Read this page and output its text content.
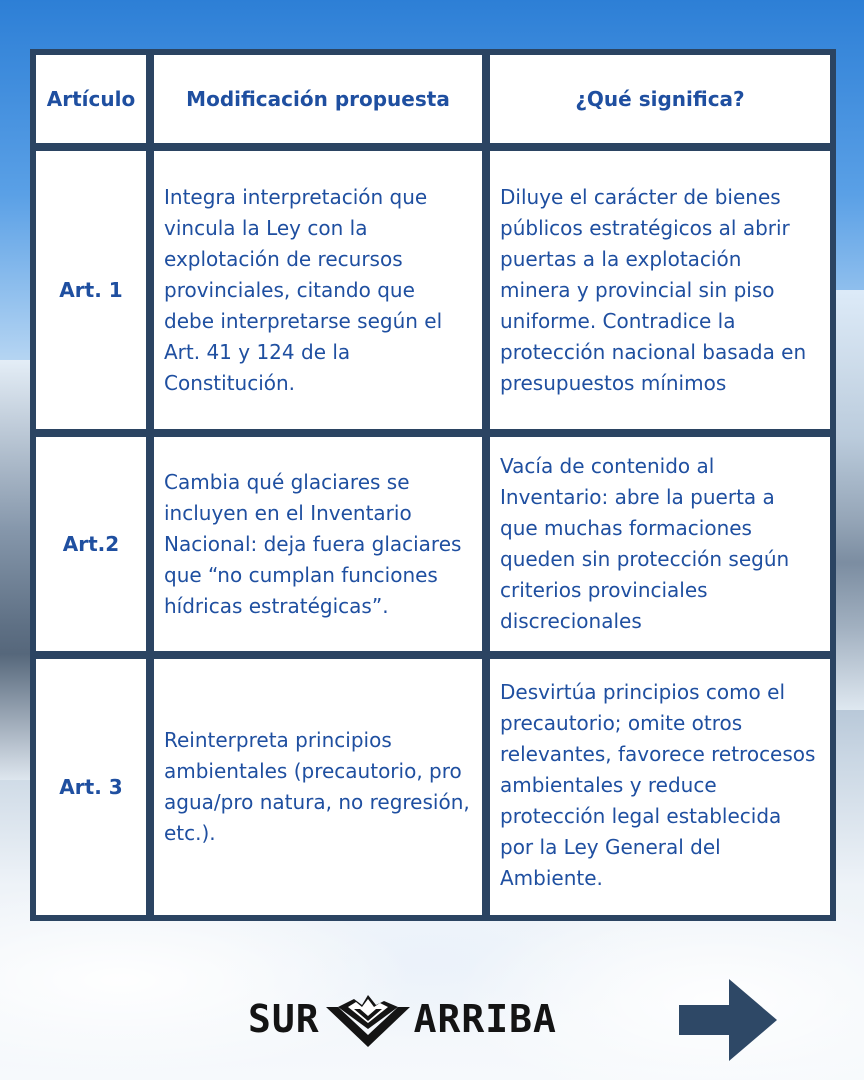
Artículo	Modificación propuesta	¿Qué significa?
Art. 1	Integra interpretación que vincula la Ley con la explotación de recursos provinciales, citando que debe interpretarse según el Art. 41 y 124 de la Constitución.	Diluye el carácter de bienes públicos estratégicos al abrir puertas a la explotación minera y provincial sin piso uniforme. Contradice la protección nacional basada en presupuestos mínimos
Art.2	Cambia qué glaciares se incluyen en el Inventario Nacional: deja fuera glaciares que “no cumplan funciones hídricas estratégicas”.	Vacía de contenido al Inventario: abre la puerta a que muchas formaciones queden sin protección según criterios provinciales discrecionales
Art. 3	Reinterpreta principios ambientales (precautorio, pro agua/pro natura, no regresión, etc.).	Desvirtúa principios como el precautorio; omite otros relevantes, favorece retrocesos ambientales y reduce protección legal establecida por la Ley General del Ambiente.
SUR ARRIBA
